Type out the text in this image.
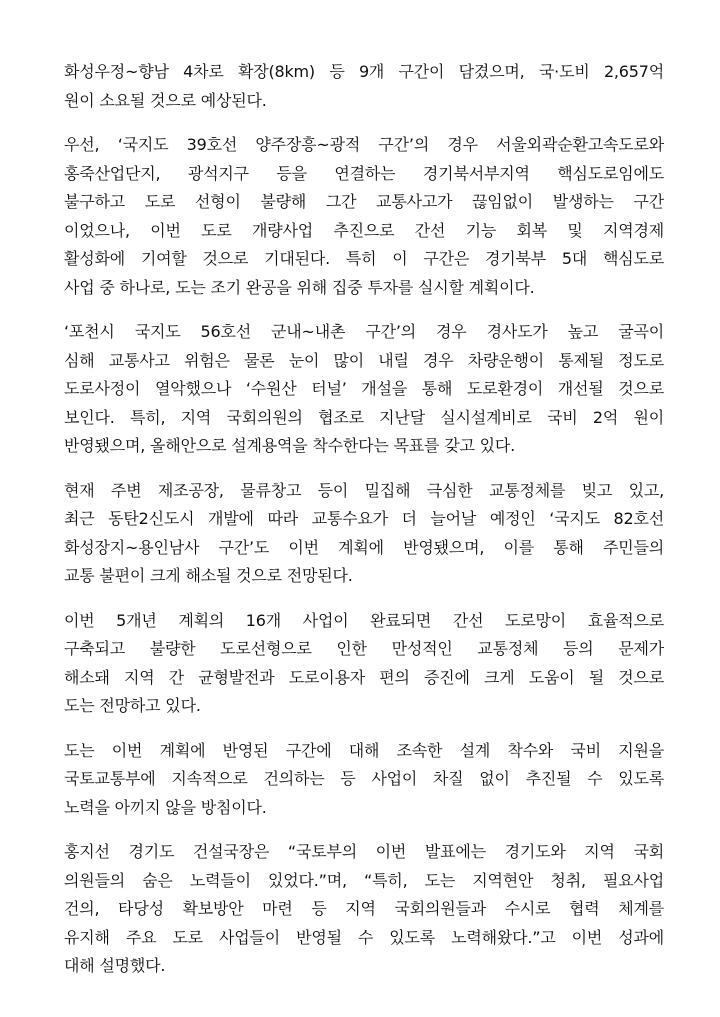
화성우정~향남 4차로 확장(8km) 등 9개 구간이 담겼으며, 국·도비 2,657억
원이 소요될 것으로 예상된다.

우선, ‘국지도 39호선 양주장흥~광적 구간’의 경우 서울외곽순환고속도로와
홍죽산업단지, 광석지구 등을 연결하는 경기북서부지역 핵심도로임에도
불구하고 도로 선형이 불량해 그간 교통사고가 끊임없이 발생하는 구간
이었으나, 이번 도로 개량사업 추진으로 간선 기능 회복 및 지역경제
활성화에 기여할 것으로 기대된다. 특히 이 구간은 경기북부 5대 핵심도로
사업 중 하나로, 도는 조기 완공을 위해 집중 투자를 실시할 계획이다.

‘포천시 국지도 56호선 군내~내촌 구간’의 경우 경사도가 높고 굴곡이
심해 교통사고 위험은 물론 눈이 많이 내릴 경우 차량운행이 통제될 정도로
도로사정이 열악했으나 ‘수원산 터널’ 개설을 통해 도로환경이 개선될 것으로
보인다. 특히, 지역 국회의원의 협조로 지난달 실시설계비로 국비 2억 원이
반영됐으며, 올해안으로 설계용역을 착수한다는 목표를 갖고 있다.

현재 주변 제조공장, 물류창고 등이 밀집해 극심한 교통정체를 빚고 있고,
최근 동탄2신도시 개발에 따라 교통수요가 더 늘어날 예정인 ‘국지도 82호선
화성장지~용인남사 구간’도 이번 계획에 반영됐으며, 이를 통해 주민들의
교통 불편이 크게 해소될 것으로 전망된다.

이번 5개년 계획의 16개 사업이 완료되면 간선 도로망이 효율적으로
구축되고 불량한 도로선형으로 인한 만성적인 교통정체 등의 문제가
해소돼 지역 간 균형발전과 도로이용자 편의 증진에 크게 도움이 될 것으로
도는 전망하고 있다.

도는 이번 계획에 반영된 구간에 대해 조속한 설계 착수와 국비 지원을
국토교통부에 지속적으로 건의하는 등 사업이 차질 없이 추진될 수 있도록
노력을 아끼지 않을 방침이다.

홍지선 경기도 건설국장은 “국토부의 이번 발표에는 경기도와 지역 국회
의원들의 숨은 노력들이 있었다.”며, “특히, 도는 지역현안 청취, 필요사업
건의, 타당성 확보방안 마련 등 지역 국회의원들과 수시로 협력 체계를
유지해 주요 도로 사업들이 반영될 수 있도록 노력해왔다.”고 이번 성과에
대해 설명했다.
